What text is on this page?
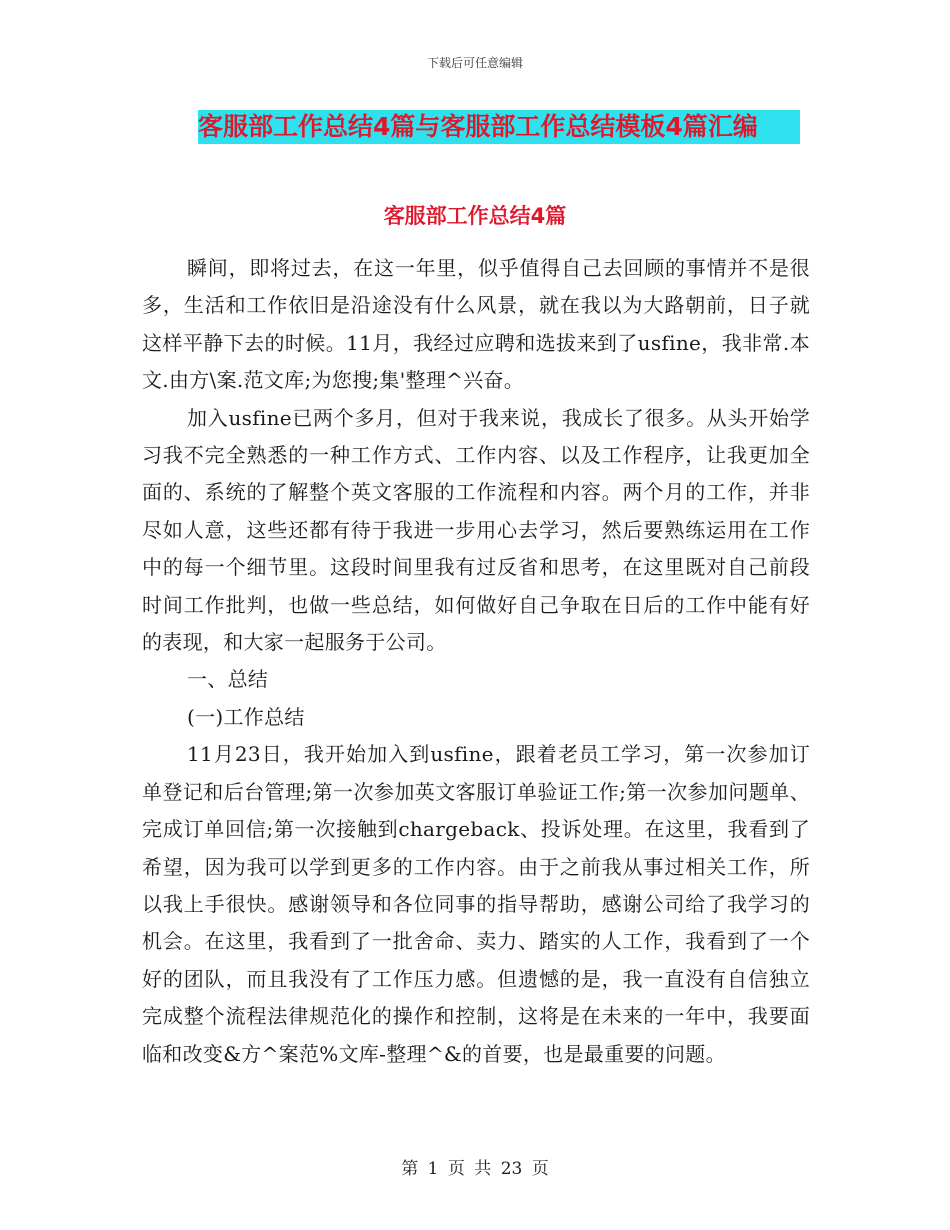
下载后可任意编辑
客服部工作总结4篇与客服部工作总结模板4篇汇编
客服部工作总结4篇

瞬间，即将过去，在这一年里，似乎值得自己去回顾的事情并不是很多，生活和工作依旧是沿途没有什么风景，就在我以为大路朝前，日子就这样平静下去的时候。11月，我经过应聘和选拔来到了usfine，我非常.本文.由方\案.范文库;为您搜;集'整理^兴奋。

加入usfine已两个多月，但对于我来说，我成长了很多。从头开始学习我不完全熟悉的一种工作方式、工作内容、以及工作程序，让我更加全面的、系统的了解整个英文客服的工作流程和内容。两个月的工作，并非尽如人意，这些还都有待于我进一步用心去学习，然后要熟练运用在工作中的每一个细节里。这段时间里我有过反省和思考，在这里既对自己前段时间工作批判，也做一些总结，如何做好自己争取在日后的工作中能有好的表现，和大家一起服务于公司。

一、总结

(一)工作总结

11月23日，我开始加入到usfine，跟着老员工学习，第一次参加订单登记和后台管理;第一次参加英文客服订单验证工作;第一次参加问题单、完成订单回信;第一次接触到chargeback、投诉处理。在这里，我看到了希望，因为我可以学到更多的工作内容。由于之前我从事过相关工作，所以我上手很快。感谢领导和各位同事的指导帮助，感谢公司给了我学习的机会。在这里，我看到了一批舍命、卖力、踏实的人工作，我看到了一个好的团队，而且我没有了工作压力感。但遗憾的是，我一直没有自信独立完成整个流程法律规范化的操作和控制，这将是在未来的一年中，我要面临和改变&方^案范%文库-整理^&的首要，也是最重要的问题。

第 1 页 共 23 页
